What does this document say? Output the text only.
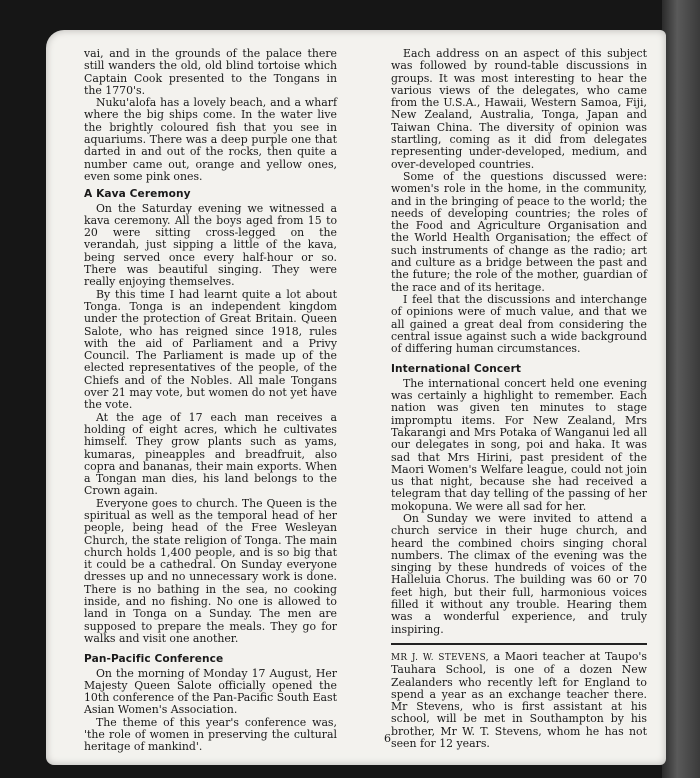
vai, and in the grounds of the palace there still wanders the old, old blind tortoise which Captain Cook presented to the Tongans in the 1770's.

Nuku'alofa has a lovely beach, and a wharf where the big ships come. In the water live the brightly coloured fish that you see in aquariums. There was a deep purple one that darted in and out of the rocks, then quite a number came out, orange and yellow ones, even some pink ones.

A Kava Ceremony

On the Saturday evening we witnessed a kava ceremony. All the boys aged from 15 to 20 were sitting cross-legged on the verandah, just sipping a little of the kava, being served once every half-hour or so. There was beautiful singing. They were really enjoying themselves.

By this time I had learnt quite a lot about Tonga. Tonga is an independent kingdom under the protection of Great Britain. Queen Salote, who has reigned since 1918, rules with the aid of Parliament and a Privy Council. The Parliament is made up of the elected representatives of the people, of the Chiefs and of the Nobles. All male Tongans over 21 may vote, but women do not yet have the vote.

At the age of 17 each man receives a holding of eight acres, which he cultivates himself. They grow plants such as yams, kumaras, pineapples and breadfruit, also copra and bananas, their main exports. When a Tongan man dies, his land belongs to the Crown again.

Everyone goes to church. The Queen is the spiritual as well as the temporal head of her people, being head of the Free Wesleyan Church, the state religion of Tonga. The main church holds 1,400 people, and is so big that it could be a cathedral. On Sunday everyone dresses up and no unnecessary work is done. There is no bathing in the sea, no cooking inside, and no fishing. No one is allowed to land in Tonga on a Sunday. The men are supposed to prepare the meals. They go for walks and visit one another.

Pan-Pacific Conference

On the morning of Monday 17 August, Her Majesty Queen Salote officially opened the 10th conference of the Pan-Pacific South East Asian Women's Association.

The theme of this year's conference was, 'the role of women in preserving the cultural heritage of mankind'.

Each address on an aspect of this subject was followed by round-table discussions in groups. It was most interesting to hear the various views of the delegates, who came from the U.S.A., Hawaii, Western Samoa, Fiji, New Zealand, Australia, Tonga, Japan and Taiwan China. The diversity of opinion was startling, coming as it did from delegates representing under-developed, medium, and over-developed countries.

Some of the questions discussed were: women's role in the home, in the community, and in the bringing of peace to the world; the needs of developing countries; the roles of the Food and Agriculture Organisation and the World Health Organisation; the effect of such instruments of change as the radio; art and culture as a bridge between the past and the future; the role of the mother, guardian of the race and of its heritage.

I feel that the discussions and interchange of opinions were of much value, and that we all gained a great deal from considering the central issue against such a wide background of differing human circumstances.

International Concert

The international concert held one evening was certainly a highlight to remember. Each nation was given ten minutes to stage impromptu items. For New Zealand, Mrs Takarangi and Mrs Potaka of Wanganui led all our delegates in song, poi and haka. It was sad that Mrs Hirini, past president of the Maori Women's Welfare league, could not join us that night, because she had received a telegram that day telling of the passing of her mokopuna. We were all sad for her.

On Sunday we were invited to attend a church service in their huge church, and heard the combined choirs singing choral numbers. The climax of the evening was the singing by these hundreds of voices of the Halleluia Chorus. The building was 60 or 70 feet high, but their full, harmonious voices filled it without any trouble. Hearing them was a wonderful experience, and truly inspiring.

MR J. W. STEVENS, a Maori teacher at Taupo's Tauhara School, is one of a dozen New Zealanders who recently left for England to spend a year as an exchange teacher there. Mr Stevens, who is first assistant at his school, will be met in Southampton by his brother, Mr W. T. Stevens, whom he has not seen for 12 years.

6
